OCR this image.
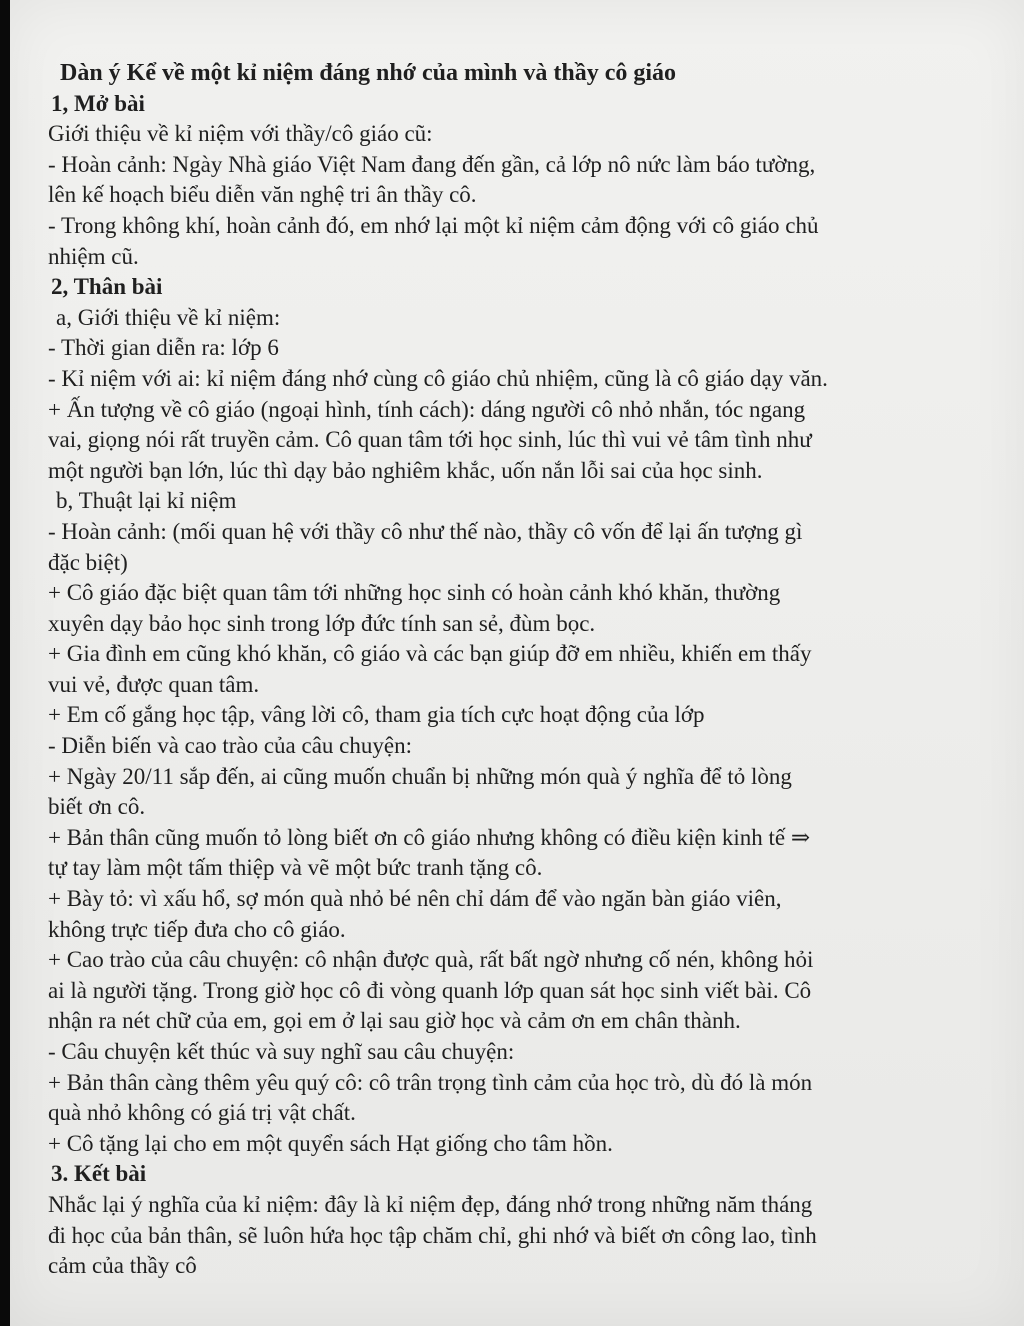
Dàn ý Kể về một kỉ niệm đáng nhớ của mình và thầy cô giáo
1, Mở bài
Giới thiệu về kỉ niệm với thầy/cô giáo cũ:
- Hoàn cảnh: Ngày Nhà giáo Việt Nam đang đến gần, cả lớp nô nức làm báo tường,
lên kế hoạch biểu diễn văn nghệ tri ân thầy cô.
- Trong không khí, hoàn cảnh đó, em nhớ lại một kỉ niệm cảm động với cô giáo chủ
nhiệm cũ.
2, Thân bài
a, Giới thiệu về kỉ niệm:
- Thời gian diễn ra: lớp 6
- Kỉ niệm với ai: kỉ niệm đáng nhớ cùng cô giáo chủ nhiệm, cũng là cô giáo dạy văn.
+ Ấn tượng về cô giáo (ngoại hình, tính cách): dáng người cô nhỏ nhắn, tóc ngang
vai, giọng nói rất truyền cảm. Cô quan tâm tới học sinh, lúc thì vui vẻ tâm tình như
một người bạn lớn, lúc thì dạy bảo nghiêm khắc, uốn nắn lỗi sai của học sinh.
b, Thuật lại kỉ niệm
- Hoàn cảnh: (mối quan hệ với thầy cô như thế nào, thầy cô vốn để lại ấn tượng gì
đặc biệt)
+ Cô giáo đặc biệt quan tâm tới những học sinh có hoàn cảnh khó khăn, thường
xuyên dạy bảo học sinh trong lớp đức tính san sẻ, đùm bọc.
+ Gia đình em cũng khó khăn, cô giáo và các bạn giúp đỡ em nhiều, khiến em thấy
vui vẻ, được quan tâm.
+ Em cố gắng học tập, vâng lời cô, tham gia tích cực hoạt động của lớp
- Diễn biến và cao trào của câu chuyện:
+ Ngày 20/11 sắp đến, ai cũng muốn chuẩn bị những món quà ý nghĩa để tỏ lòng
biết ơn cô.
+ Bản thân cũng muốn tỏ lòng biết ơn cô giáo nhưng không có điều kiện kinh tế ⇒
tự tay làm một tấm thiệp và vẽ một bức tranh tặng cô.
+ Bày tỏ: vì xấu hổ, sợ món quà nhỏ bé nên chỉ dám để vào ngăn bàn giáo viên,
không trực tiếp đưa cho cô giáo.
+ Cao trào của câu chuyện: cô nhận được quà, rất bất ngờ nhưng cố nén, không hỏi
ai là người tặng. Trong giờ học cô đi vòng quanh lớp quan sát học sinh viết bài. Cô
nhận ra nét chữ của em, gọi em ở lại sau giờ học và cảm ơn em chân thành.
- Câu chuyện kết thúc và suy nghĩ sau câu chuyện:
+ Bản thân càng thêm yêu quý cô: cô trân trọng tình cảm của học trò, dù đó là món
quà nhỏ không có giá trị vật chất.
+ Cô tặng lại cho em một quyển sách Hạt giống cho tâm hồn.
3. Kết bài
Nhắc lại ý nghĩa của kỉ niệm: đây là kỉ niệm đẹp, đáng nhớ trong những năm tháng
đi học của bản thân, sẽ luôn hứa học tập chăm chỉ, ghi nhớ và biết ơn công lao, tình
cảm của thầy cô
